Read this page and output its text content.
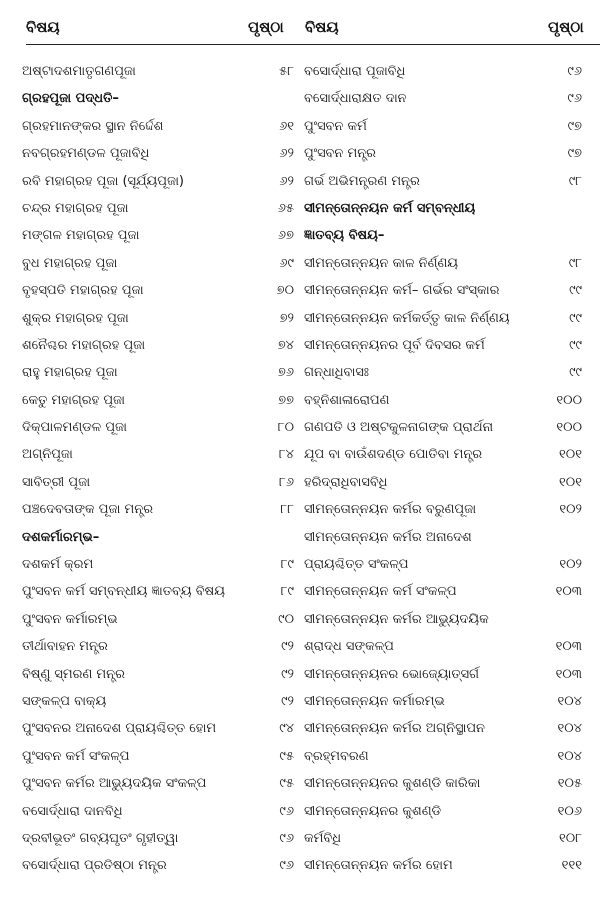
ବିଷୟ	ପୃଷ୍ଠା ବିଷୟ	ପୃଷ୍ଠା
ଅଷ୍ଟାଦଶମାତୃଗଣପୂଜା	୫୮
ଗ୍ରହପୂଜା ପଦ୍ଧତି–
ଗ୍ରହମାନଙ୍କର ସ୍ଥାନ ନିର୍ଦ୍ଦେଶ	୬୧
ନବଗ୍ରହମଣ୍ଡଳ ପୂଜାବିଧି	୬୨
ରବି ମହାଗ୍ରହ ପୂଜା (ସୂର୍ଯ୍ୟପୂଜା)	୬୨
ଚନ୍ଦ୍ର ମହାଗ୍ରହ ପୂଜା	୬୫
ମଙ୍ଗଳ ମହାଗ୍ରହ ପୂଜା	୬୭
ବୁଧ ମହାଗ୍ରହ ପୂଜା	୬୯
ବୃହସ୍ପତି ମହାଗ୍ରହ ପୂଜା	୭୦
ଶୁକ୍ର ମହାଗ୍ରହ ପୂଜା	୭୨
ଶନୈଶ୍ଚର ମହାଗ୍ରହ ପୂଜା	୭୪
ରାହୁ ମହାଗ୍ରହ ପୂଜା	୭୬
କେତୁ ମହାଗ୍ରହ ପୂଜା	୭୭
ଦିକ୍ପାଳମଣ୍ଡଳ ପୂଜା	୮୦
ଅଗ୍ନିପୂଜା	୮୪
ସାବିତ୍ରୀ ପୂଜା	୮୬
ପଞ୍ଚଦେବତାଙ୍କ ପୂଜା ମନ୍ତ୍ର	୮୮
ଦଶକର୍ମାରମ୍ଭ–
ଦଶକର୍ମ କ୍ରମ	୮୯
ପୁଂସବନ କର୍ମ ସମ୍ବନ୍ଧୀୟ ଜ୍ଞାତବ୍ୟ ବିଷୟ	୮୯
ପୁଂସବନ କର୍ମାରମ୍ଭ	୯୦
ତୀର୍ଥାବାହନ ମନ୍ତ୍ର	୯୨
ବିଷ୍ଣୁ ସ୍ମରଣ ମନ୍ତ୍ର	୯୨
ସଙ୍କଳ୍ପ ବାକ୍ୟ	୯୨
ପୁଂସବନର ଅନାଦେଶ ପ୍ରାୟଶ୍ଚିତ୍ତ ହୋମ	୯୪
ପୁଂସବନ କର୍ମ ସଂକଳ୍ପ	୯୫
ପୁଂସବନ କର୍ମର ଆଭ୍ୟୁଦୟିକ ସଂକଳ୍ପ	୯୫
ବସୋର୍ଦ୍ଧାରା ଦାନବିଧି	୯୬
ଦ୍ରବୀଭୂତଂ ଗବ୍ୟଘୃତଂ ଗୃହୀତ୍ୱା	୯୬
ବସୋର୍ଦ୍ଧାରା ପ୍ରତିଷ୍ଠା ମନ୍ତ୍ର	୯୬
ବସୋର୍ଦ୍ଧାରା ପୂଜାବିଧି	୯୬
ବସୋର୍ଦ୍ଧାରାକ୍ଷତ ଦାନ	୯୬
ପୁଂସବନ କର୍ମ	୯୭
ପୁଂସବନ ମନ୍ତ୍ର	୯୭
ଗର୍ଭ ଅଭିମନ୍ତ୍ରଣ ମନ୍ତ୍ର	୯୮
ସୀମନ୍ତୋନ୍ନୟନ କର୍ମ ସମ୍ବନ୍ଧୀୟ
ଜ୍ଞାତବ୍ୟ ବିଷୟ–
ସୀମନ୍ତୋନ୍ନୟନ କାଳ ନିର୍ଣ୍ଣୟ	୯୮
ସୀମନ୍ତୋନ୍ନୟନ କର୍ମ– ଗର୍ଭର ସଂସ୍କାର	୯୯
ସୀମନ୍ତୋନ୍ନୟନ କର୍ମକର୍ତ୍ତୃ କାଳ ନିର୍ଣ୍ଣୟ	୯୯
ସୀମନ୍ତୋନ୍ନୟନର ପୂର୍ବ ଦିବସର କର୍ମ	୯୯
ଗନ୍ଧାଧିବାସଃ	୯୯
ବହ୍ନିଶାଳାରୋପଣ	୧୦୦
ଗଣପତି ଓ ଅଷ୍ଟକୁଳନାଗଙ୍କ ପ୍ରାର୍ଥନା	୧୦୦
ଯୂପ ବା ବାଉଁଶଦଣ୍ଡ ପୋତିବା ମନ୍ତ୍ର	୧୦୧
ହରିଦ୍ରାଧିବାସବିଧି	୧୦୧
ସୀମନ୍ତୋନ୍ନୟନ କର୍ମର ବରୁଣପୂଜା	୧୦୨
ସୀମନ୍ତୋନ୍ନୟନ କର୍ମର ଅନାଦେଶ
ପ୍ରାୟଶ୍ଚିତ୍ତ ସଂକଳ୍ପ	୧୦୨
ସୀମନ୍ତୋନ୍ନୟନ କର୍ମ ସଂକଳ୍ପ	୧୦୩
ସୀମନ୍ତୋନ୍ନୟନ କର୍ମର ଆଭ୍ୟୁଦୟିକ
ଶ୍ରାଦ୍ଧ ସଙ୍କଳ୍ପ	୧୦୩
ସୀମନ୍ତୋନ୍ନୟନର ଭୋଜ୍ୟୋତ୍ସର୍ଗ	୧୦୩
ସୀମନ୍ତୋନ୍ନୟନ କର୍ମାରମ୍ଭ	୧୦୪
ସୀମନ୍ତୋନ୍ନୟନ କର୍ମର ଅଗ୍ନିସ୍ଥାପନ	୧୦୪
ବ୍ରହ୍ମବରଣ	୧୦୪
ସୀମନ୍ତୋନ୍ନୟନର କୁଶଣ୍ଡି କାରିକା	୧୦୫
ସୀମନ୍ତୋନ୍ନୟନର କୁଶଣ୍ଡି	୧୦୬
କର୍ମବିଧି	୧୦୮
ସୀମନ୍ତୋନ୍ନୟନ କର୍ମର ହୋମ	୧୧୧
